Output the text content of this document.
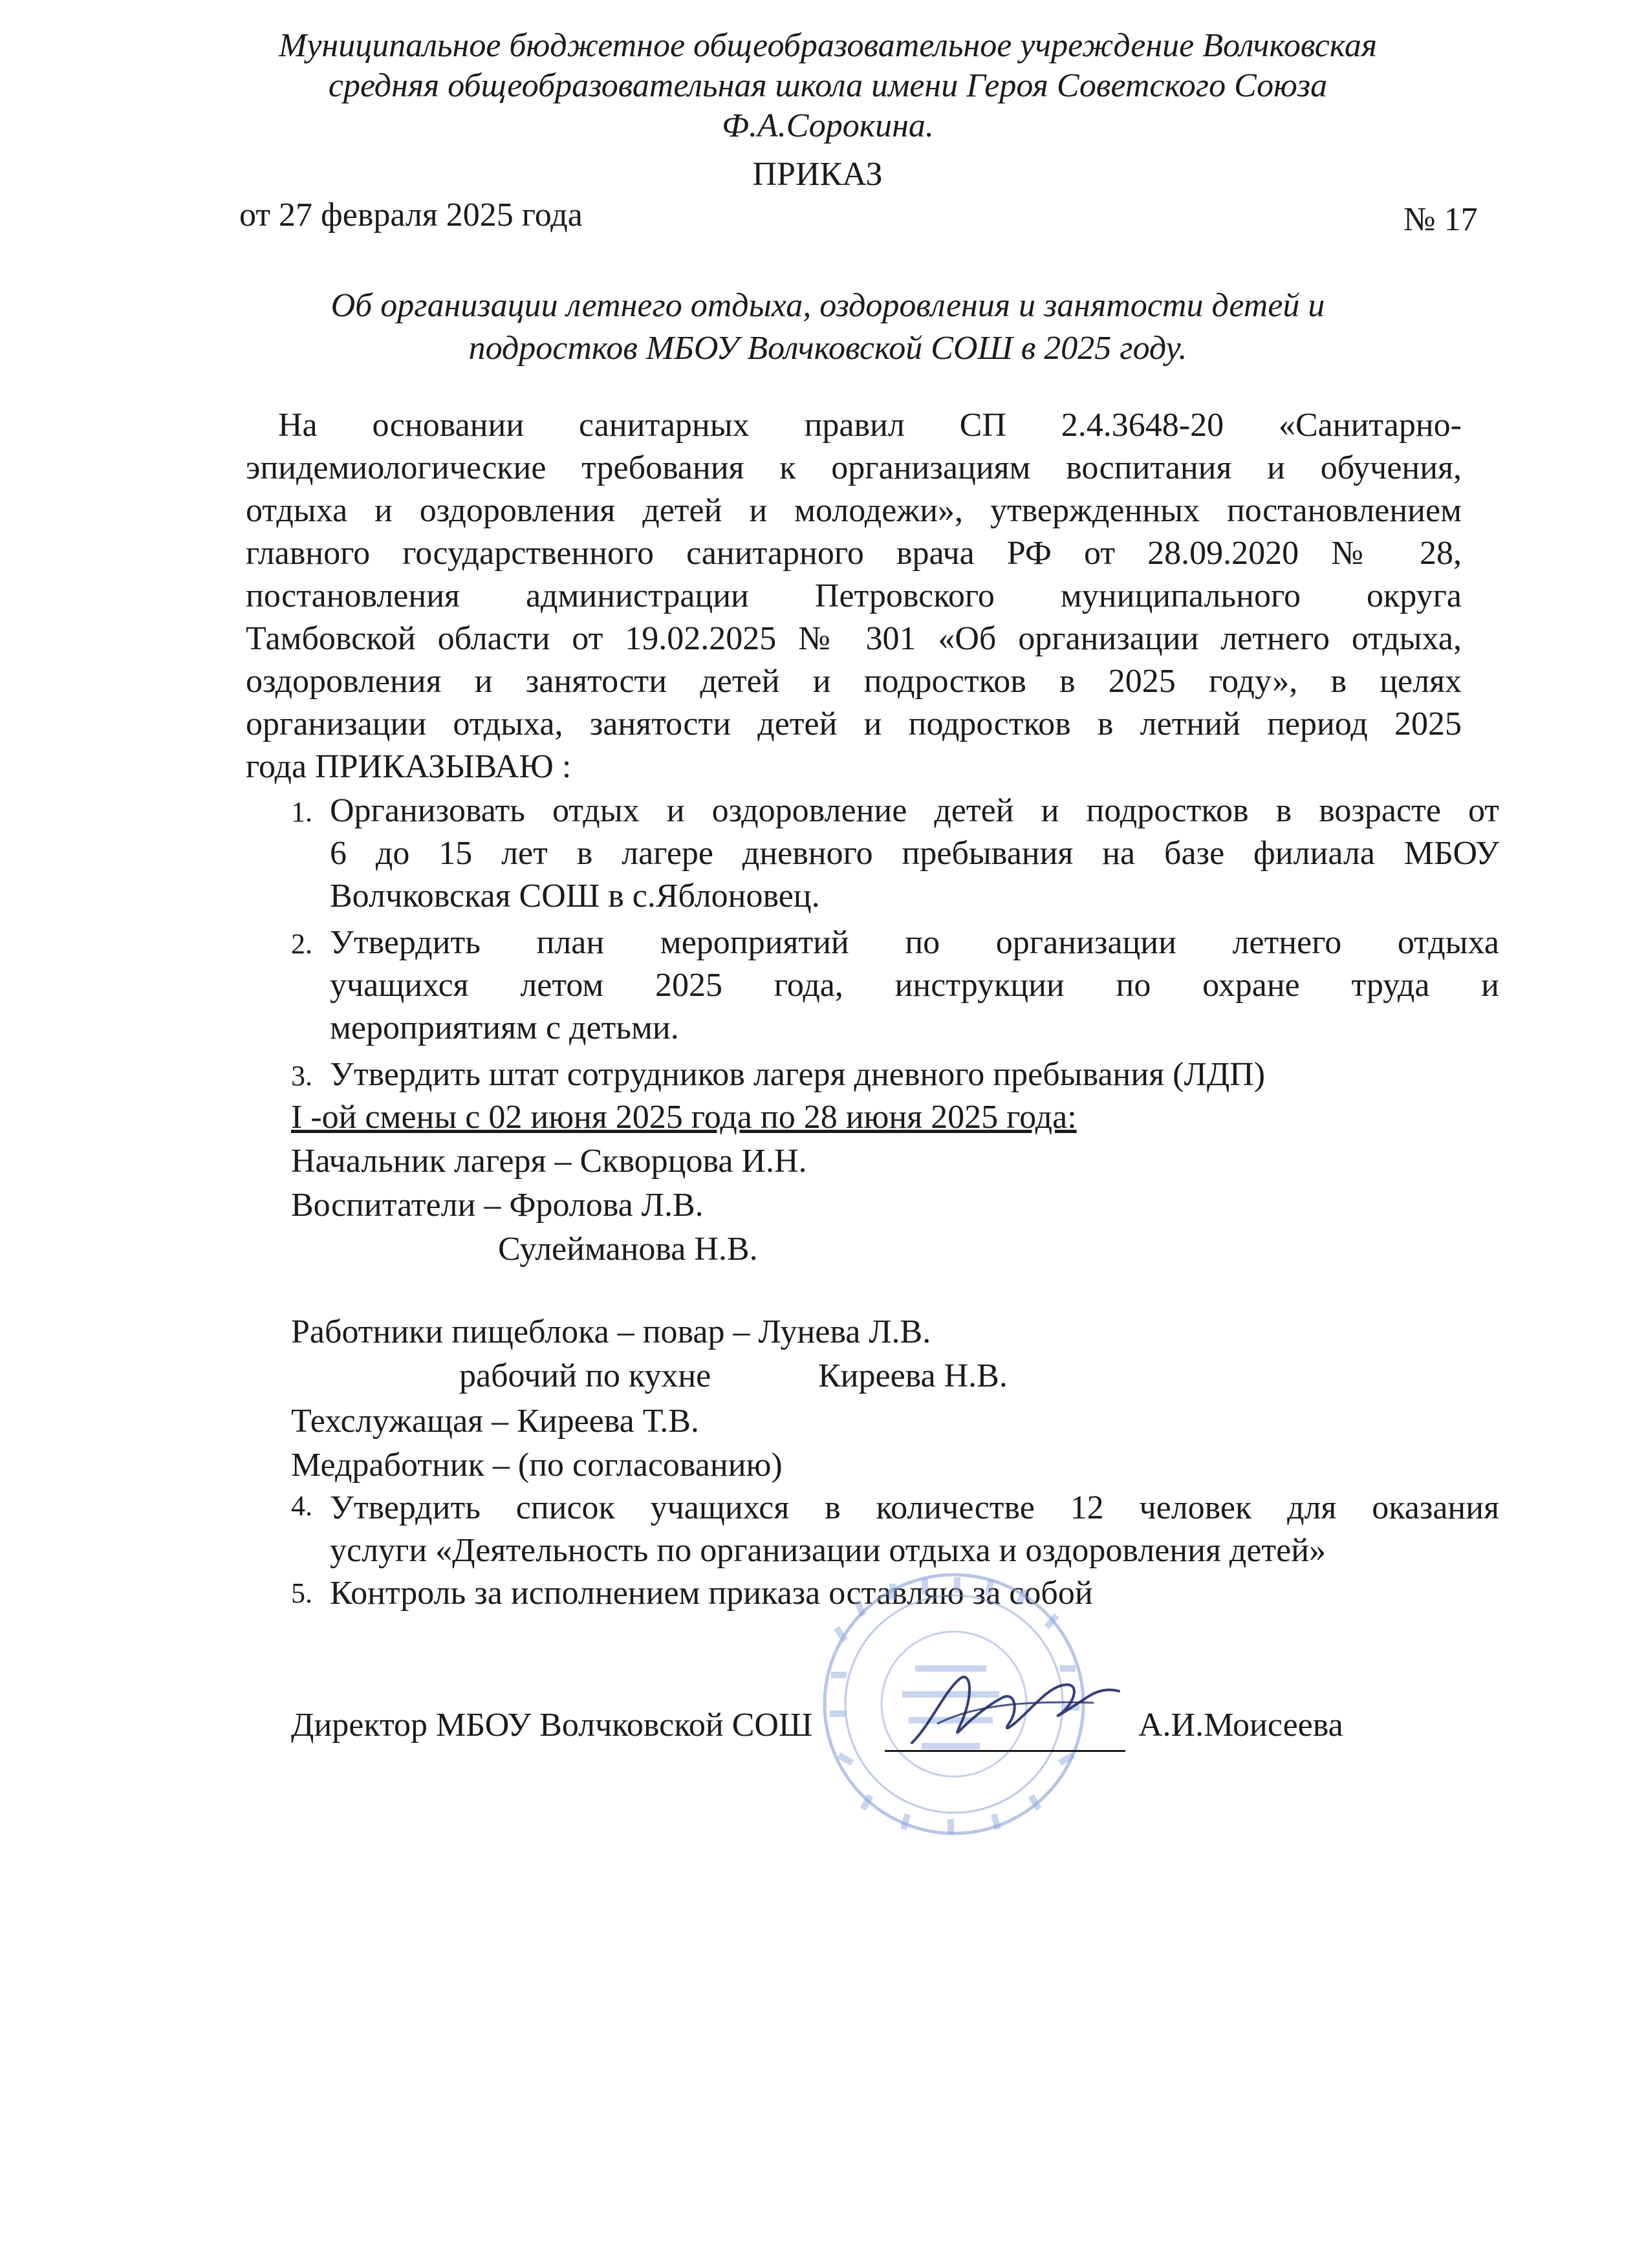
Муниципальное бюджетное общеобразовательное учреждение Волчковская
средняя общеобразовательная школа имени Героя Советского Союза
Ф.А.Сорокина.
ПРИКАЗ
от 27 февраля 2025 года	№ 17
Об организации летнего отдыха, оздоровления и занятости детей и
подростков МБОУ Волчковской СОШ в 2025 году.
На основании санитарных правил СП 2.4.3648-20 «Санитарно-
эпидемиологические требования к организациям воспитания и обучения,
отдыха и оздоровления детей и молодежи», утвержденных постановлением
главного государственного санитарного врача РФ от 28.09.2020 № 28,
постановления администрации Петровского муниципального округа
Тамбовской области от 19.02.2025 № 301 «Об организации летнего отдыха,
оздоровления и занятости детей и подростков в 2025 году», в целях
организации отдыха, занятости детей и подростков в летний период 2025
года ПРИКАЗЫВАЮ :
1. Организовать отдых и оздоровление детей и подростков в возрасте от
6 до 15 лет в лагере дневного пребывания на базе филиала МБОУ
Волчковская СОШ в с.Яблоновец.
2. Утвердить план мероприятий по организации летнего отдыха
учащихся летом 2025 года, инструкции по охране труда и
мероприятиям с детьми.
3. Утвердить штат сотрудников лагеря дневного пребывания (ЛДП)
I -ой смены с 02 июня 2025 года по 28 июня 2025 года:
Начальник лагеря – Скворцова И.Н.
Воспитатели – Фролова Л.В.
Сулейманова Н.В.
Работники пищеблока – повар – Лунева Л.В.
рабочий по кухне	Киреева Н.В.
Техслужащая – Киреева Т.В.
Медработник – (по согласованию)
4. Утвердить список учащихся в количестве 12 человек для оказания
услуги «Деятельность по организации отдыха и оздоровления детей»
5. Контроль за исполнением приказа оставляю за собой
Директор МБОУ Волчковской СОШ	А.И.Моисеева
